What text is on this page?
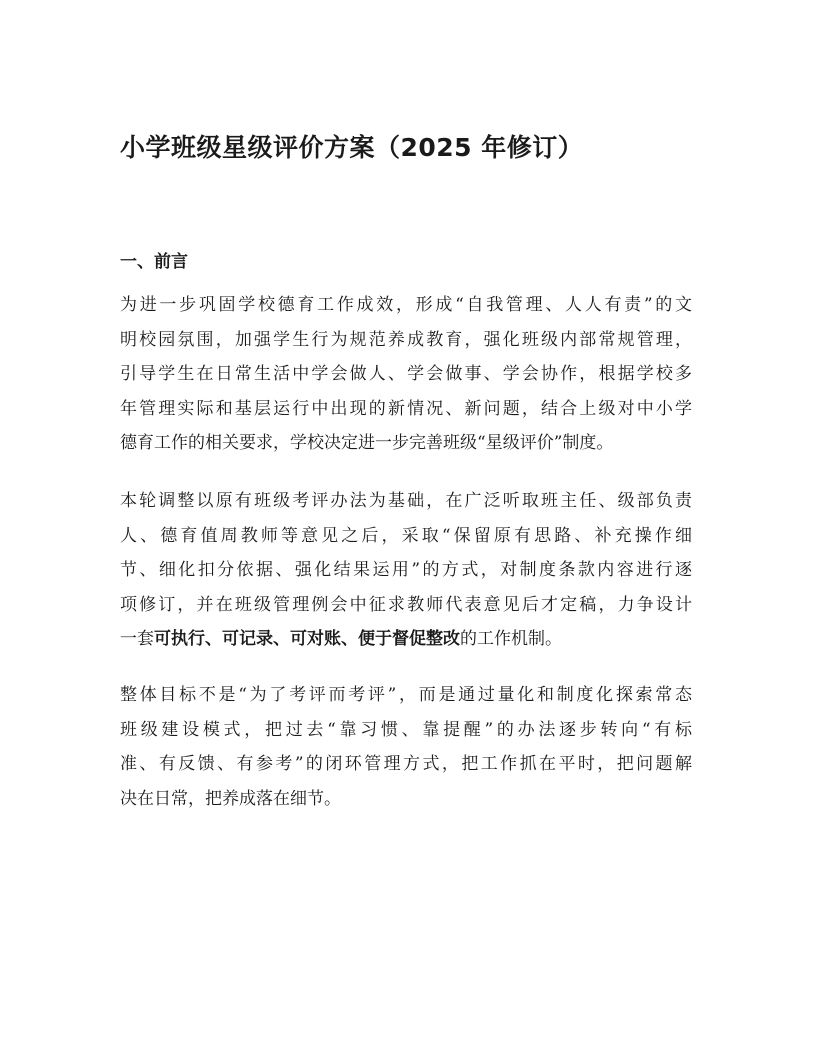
小学班级星级评价方案（2025 年修订）
一、前言

为进一步巩固学校德育工作成效，形成“自我管理、人人有责”的文
明校园氛围，加强学生行为规范养成教育，强化班级内部常规管理，
引导学生在日常生活中学会做人、学会做事、学会协作，根据学校多
年管理实际和基层运行中出现的新情况、新问题，结合上级对中小学
德育工作的相关要求，学校决定进一步完善班级“星级评价”制度。

本轮调整以原有班级考评办法为基础，在广泛听取班主任、级部负责
人、德育值周教师等意见之后，采取“保留原有思路、补充操作细
节、细化扣分依据、强化结果运用”的方式，对制度条款内容进行逐
项修订，并在班级管理例会中征求教师代表意见后才定稿，力争设计
一套可执行、可记录、可对账、便于督促整改的工作机制。

整体目标不是“为了考评而考评”，而是通过量化和制度化探索常态
班级建设模式，把过去“靠习惯、靠提醒”的办法逐步转向“有标
准、有反馈、有参考”的闭环管理方式，把工作抓在平时，把问题解
决在日常，把养成落在细节。
